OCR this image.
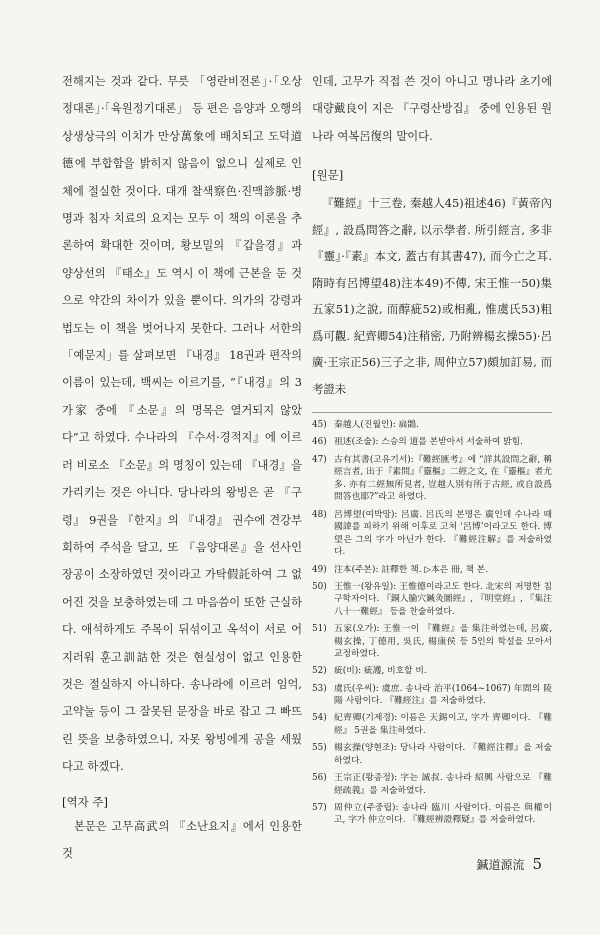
전해지는 것과 같다. 무릇 「영란비전론」·「오상정대론」·「육원정기대론」 등 편은 음양과 오행의 상생상극의 이치가 만상萬象에 배치되고 도덕道德에 부합함을 밝히지 않음이 없으니 실제로 인체에 절실한 것이다. 대개 찰색察色·진맥診脈·병명과 침자 치료의 요지는 모두 이 책의 이론을 추론하여 확대한 것이며, 황보밀의 『갑을경』과 양상선의 『태소』도 역시 이 책에 근본을 둔 것으로 약간의 차이가 있을 뿐이다. 의가의 강령과 법도는 이 책을 벗어나지 못한다. 그러나 서한의 「예문지」를 살펴보면 『내경』 18권과 편작의 이름이 있는데, 백씨는 이르기를, “『내경』의 3가家 중에 『소문』의 명목은 열거되지 않았다”고 하였다. 수나라의 『수서·경적지』에 이르러 비로소 『소문』의 명칭이 있는데 『내경』을 가리키는 것은 아니다. 당나라의 왕빙은 곧 『구령』 9권을 『한지』의 『내경』 권수에 견강부회하여 주석을 달고, 또 『음양대론』을 선사인 장공이 소장하였던 것이라고 가탁假託하여 그 없어진 것을 보충하였는데 그 마음씀이 또한 근실하다. 애석하게도 주목이 뒤섞이고 옥석이 서로 어지러워 훈고訓詁한 것은 현실성이 없고 인용한 것은 절실하지 아니하다. 송나라에 이르러 임억, 고약눌 등이 그 잘못된 문장을 바로 잡고 그 빠뜨린 뜻을 보충하였으니, 자못 왕빙에게 공을 세웠다고 하겠다.

[역자 주]

본문은 고무高武의 『소난요지』에서 인용한 것

인데, 고무가 직접 쓴 것이 아니고 명나라 초기에 대량戴良이 지은 『구령산방집』 중에 인용된 원나라 여복呂復의 말이다.

[원문]

『難經』十三卷, 秦越人45)祖述46)『黃帝內經』, 設爲問答之辭, 以示學者. 所引經言, 多非『靈』·『素』本文, 蓋古有其書47), 而今亡之耳. 隋時有呂博望48)注本49)不傳, 宋王惟一50)集五家51)之說, 而醇疵52)或相亂, 惟虞氏53)粗爲可觀. 紀齊卿54)注稍密, 乃附辨楊玄操55)·呂廣·王宗正56)三子之非, 周仲立57)頗加訂易, 而考證未

45) 秦越人(진월인): 扁鵲.
46) 祖述(조술): 스승의 道를 본받아서 서술하여 밝힘.
47) 古有其書(고유기서):『難經匯考』에 “詳其設問之辭, 稱經言者, 出于『素問』『靈樞』二經之文, 在『靈樞』者尤多. 亦有二經無所見者, 豈越人別有所于古經, 或自設爲問答也耶?”라고 하였다.
48) 呂博望(여박망): 呂廣. 呂氏의 본명은 廣인데 수나라 때 國諱를 피하기 위해 이후로 고쳐 ‘呂博’이라고도 한다. 博望은 그의 字가 아닌가 한다. 『難經注解』를 저술하였다.
49) 注本(주본): 註釋한 책. ▷本은 冊, 책 본.
50) 王惟一(왕유일): 王惟德이라고도 한다. 北宋의 저명한 침구학자이다. 『銅人腧穴鍼灸圖經』, 『明堂經』, 『集注八十一難經』 등을 찬술하였다.
51) 五家(오가): 王惟一이 『難經』을 集注하였는데, 呂廣, 楊玄操, 丁德用, 吳氏, 楊康侯 등 5인의 학설을 모아서 교정하였다.
52) 疵(비): 疵護, 비호할 비.
53) 虞氏(우씨): 虞庶. 송나라 治平(1064~1067) 年間의 陵陽 사람이다. 『難經注』를 저술하였다.
54) 紀齊卿(기제경): 이름은 天錫이고, 字가 齊卿이다. 『難經』 5권을 集注하였다.
55) 楊玄操(양현조): 당나라 사람이다. 『難經注釋』을 저술하였다.
56) 王宗正(왕종정): 字는 誠叔. 송나라 紹興 사람으로 『難經疏義』를 저술하였다.
57) 周仲立(주중립): 송나라 臨川 사람이다. 이름은 與權이고, 字가 仲立이다. 『難經辨證釋疑』를 저술하였다.
鍼道源流 5
